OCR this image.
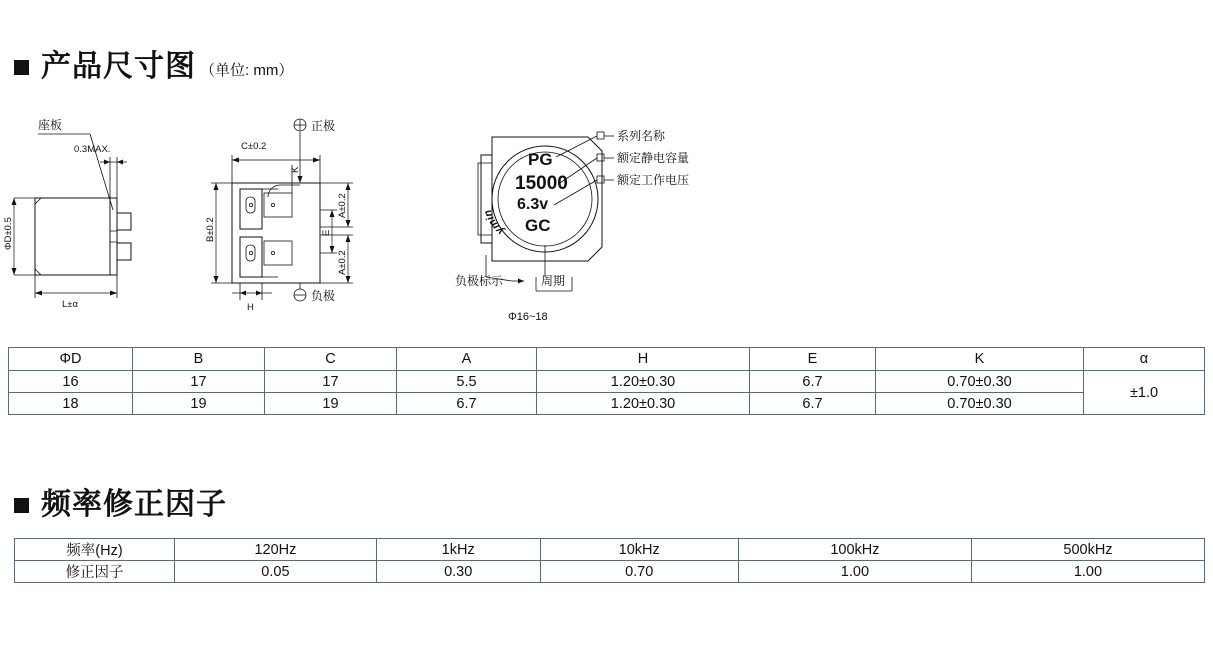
产品尺寸图 （单位: mm）
座板
0.3MAX.
ΦD±0.5
L±α
正极
负极
C±0.2
B±0.2
K
E
A±0.2
A±0.2
H
ymin
PG
15000
6.3v
GC
系列名称
额定静电容量
额定工作电压
负极标示	周期
Φ16~18
ΦD	B	C	A	H	E	K	α
16	17	17	5.5	1.20±0.30	6.7	0.70±0.30	±1.0
18	19	19	6.7	1.20±0.30	6.7	0.70±0.30	
频率修正因子
频率(Hz)	120Hz	1kHz	10kHz	100kHz	500kHz
修正因子	0.05	0.30	0.70	1.00	1.00
